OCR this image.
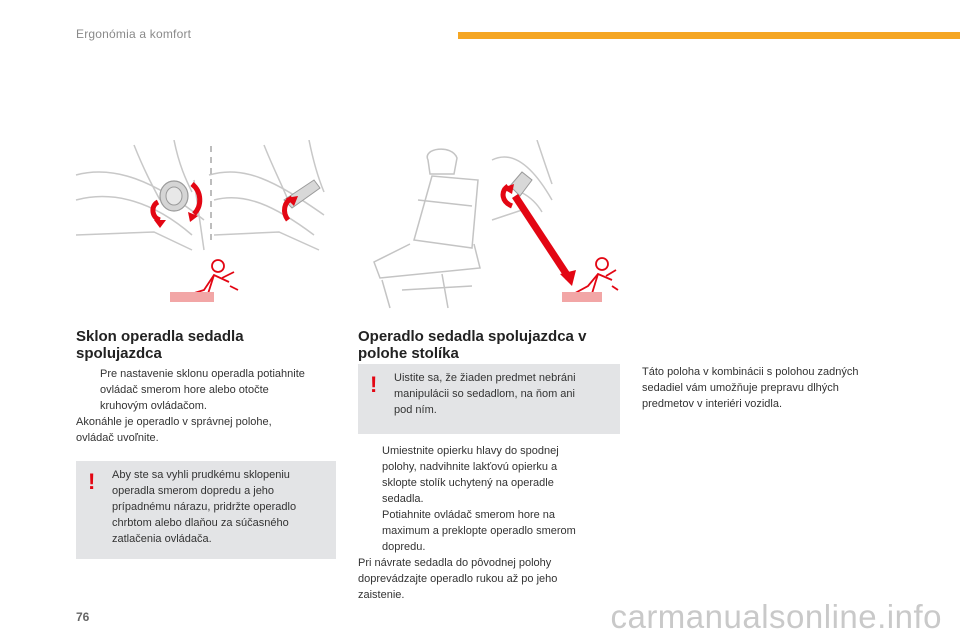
Ergonómia a komfort
Sklon operadla sedadla
spolujazdca
Pre nastavenie sklonu operadla potiahnite
ovládač smerom hore alebo otočte
kruhovým ovládačom.
Akonáhle je operadlo v správnej polohe,
ovládač uvoľnite.
! Aby ste sa vyhli prudkému sklopeniu
operadla smerom dopredu a jeho
prípadnému nárazu, pridržte operadlo
chrbtom alebo dlaňou za súčasného
zatlačenia ovládača.
Operadlo sedadla spolujazdca v
polohe stolíka
! Uistite sa, že žiaden predmet nebráni
manipulácii so sedadlom, na ňom ani
pod ním.
Umiestnite opierku hlavy do spodnej
polohy, nadvihnite lakťovú opierku a
sklopte stolík uchytený na operadle
sedadla.
Potiahnite ovládač smerom hore na
maximum a preklopte operadlo smerom
dopredu.
Pri návrate sedadla do pôvodnej polohy
doprevádzajte operadlo rukou až po jeho
zaistenie.
Táto poloha v kombinácii s polohou zadných
sedadiel vám umožňuje prepravu dlhých
predmetov v interiéri vozidla.
76	carmanualsonline.info
